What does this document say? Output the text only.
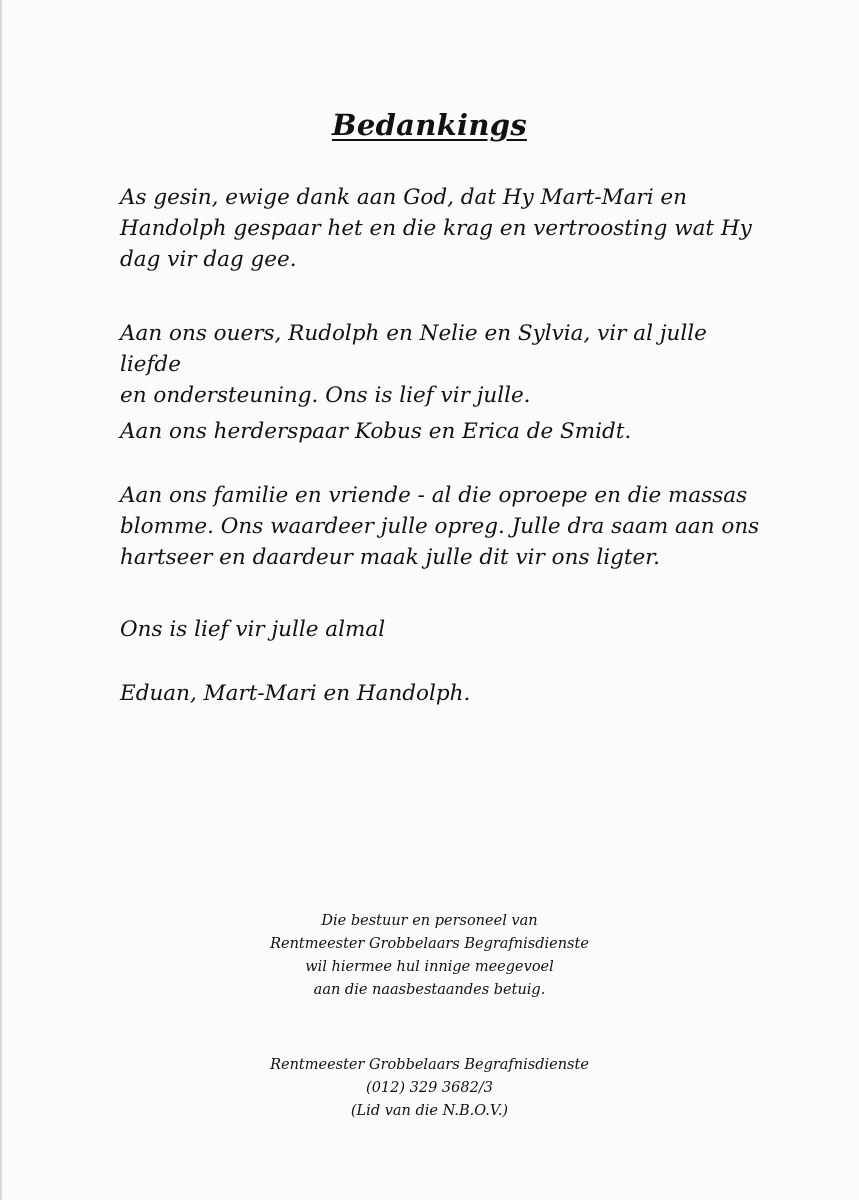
Bedankings

As gesin, ewige dank aan God, dat Hy Mart-Mari en
Handolph gespaar het en die krag en vertroosting wat Hy
dag vir dag gee.

Aan ons ouers, Rudolph en Nelie en Sylvia, vir al julle liefde
en ondersteuning. Ons is lief vir julle.

Aan ons herderspaar Kobus en Erica de Smidt.

Aan ons familie en vriende - al die oproepe en die massas
blomme. Ons waardeer julle opreg. Julle dra saam aan ons
hartseer en daardeur maak julle dit vir ons ligter.

Ons is lief vir julle almal

Eduan, Mart-Mari en Handolph.

Die bestuur en personeel van
Rentmeester Grobbelaars Begrafnisdienste
wil hiermee hul innige meegevoel
aan die naasbestaandes betuig.
Rentmeester Grobbelaars Begrafnisdienste
(012) 329 3682/3
(Lid van die N.B.O.V.)
